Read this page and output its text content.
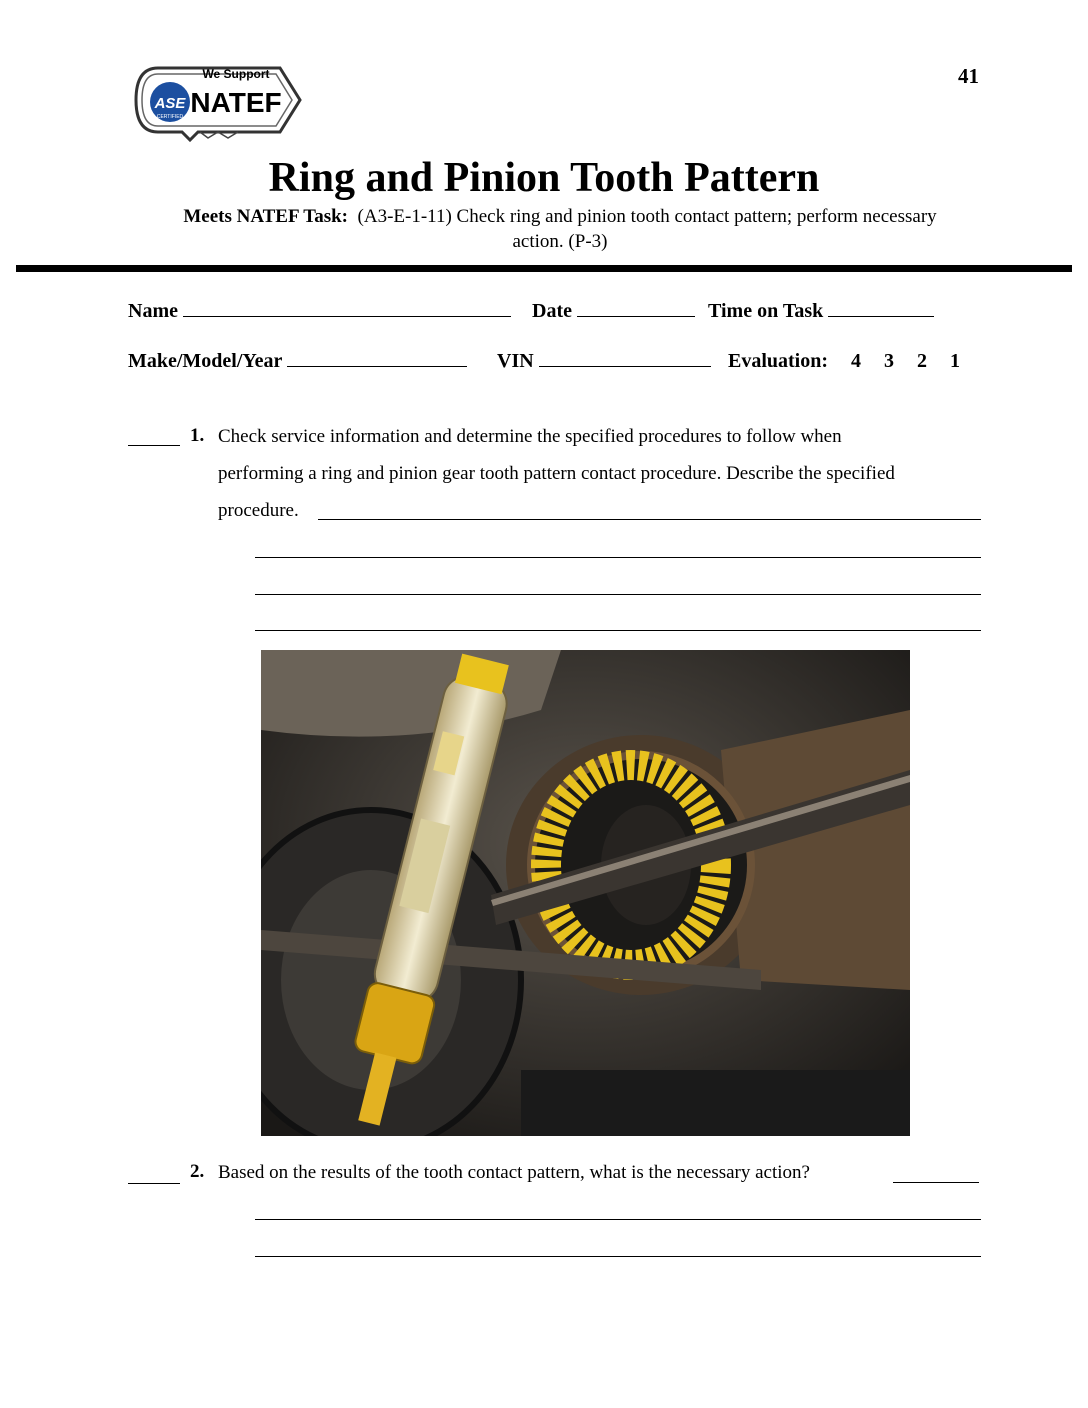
41
ASE
CERTIFIED
We Support
NATEF
Ring and Pinion Tooth Pattern
Meets NATEF Task: (A3-E-1-11) Check ring and pinion tooth contact pattern; perform necessary
action. (P-3)
Name	Date	Time on Task
Make/Model/Year	VIN	Evaluation: 4 3 2 1
1. Check service information and determine the specified procedures to follow when
performing a ring and pinion gear tooth pattern contact procedure. Describe the specified
procedure.
2. Based on the results of the tooth contact pattern, what is the necessary action?
